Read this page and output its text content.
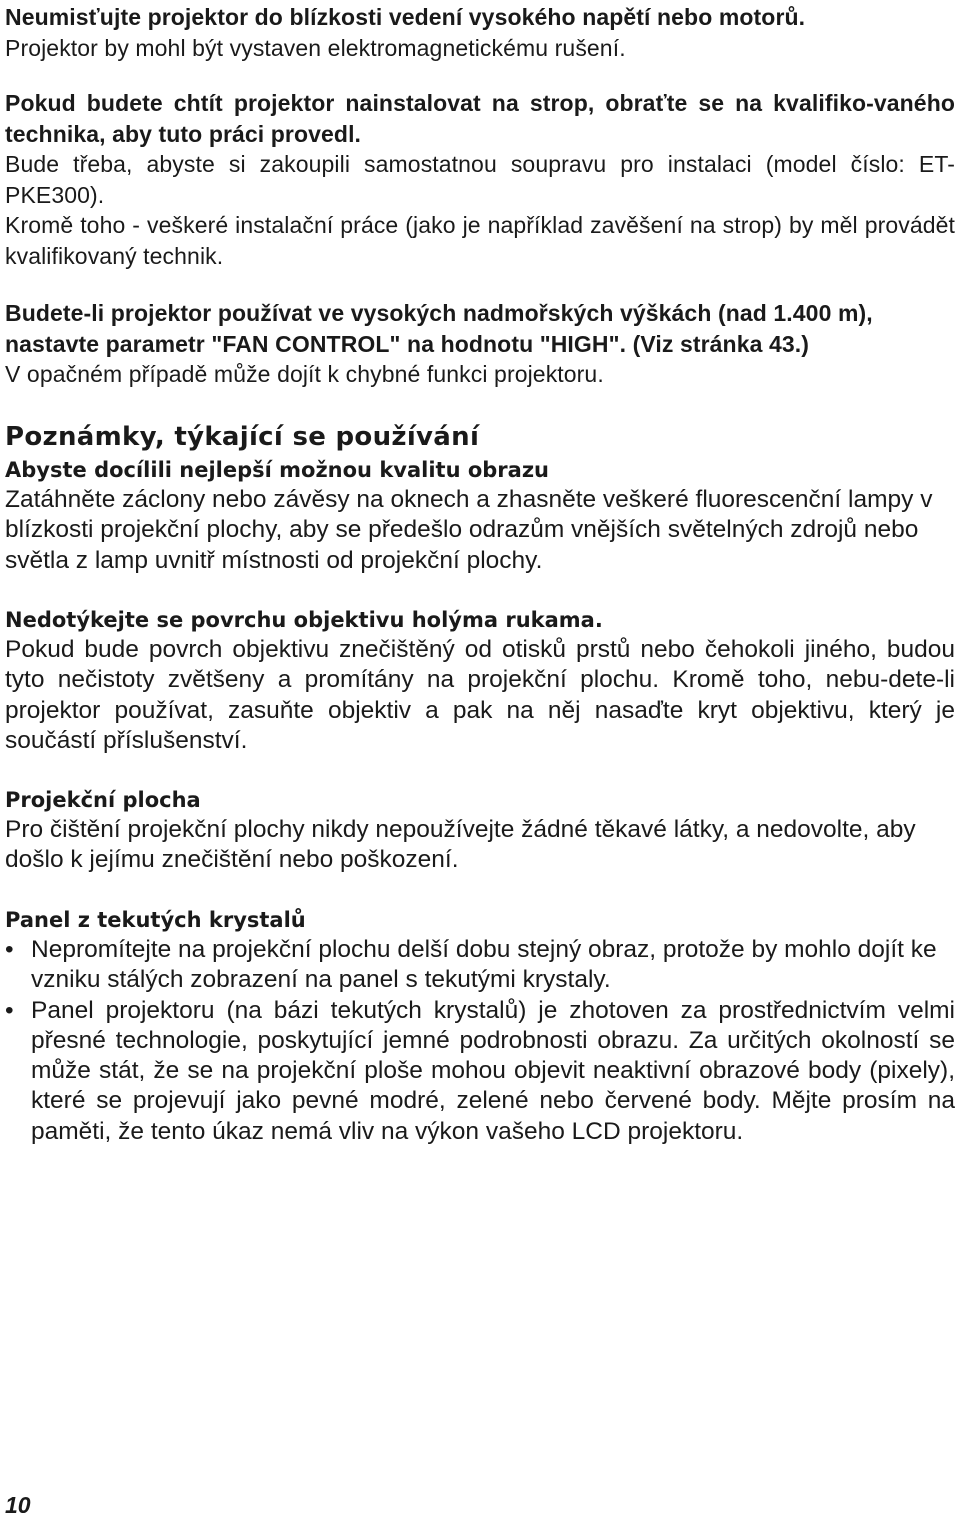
Neumisťujte projektor do blízkosti vedení vysokého napětí nebo motorů.

Projektor by mohl být vystaven elektromagnetickému rušení.

Pokud budete chtít projektor nainstalovat na strop, obraťte se na kvalifiko-vaného technika, aby tuto práci provedl.

Bude třeba, abyste si zakoupili samostatnou soupravu pro instalaci (model číslo: ET-PKE300).

Kromě toho - veškeré instalační práce (jako je například zavěšení na strop) by měl provádět kvalifikovaný technik.

Budete-li projektor používat ve vysokých nadmořských výškách (nad 1.400 m), nastavte parametr "FAN CONTROL" na hodnotu "HIGH". (Viz stránka 43.)

V opačném případě může dojít k chybné funkci projektoru.

Poznámky, týkající se používání

Abyste docílili nejlepší možnou kvalitu obrazu

Zatáhněte záclony nebo závěsy na oknech a zhasněte veškeré fluorescenční lampy v blízkosti projekční plochy, aby se předešlo odrazům vnějších světelných zdrojů nebo světla z lamp uvnitř místnosti od projekční plochy.

Nedotýkejte se povrchu objektivu holýma rukama.

Pokud bude povrch objektivu znečištěný od otisků prstů nebo čehokoli jiného, budou tyto nečistoty zvětšeny a promítány na projekční plochu. Kromě toho, nebu-dete-li projektor používat, zasuňte objektiv a pak na něj nasaďte kryt objektivu, který je součástí příslušenství.

Projekční plocha

Pro čištění projekční plochy nikdy nepoužívejte žádné těkavé látky, a nedovolte, aby došlo k jejímu znečištění nebo poškození.

Panel z tekutých krystalů

• Nepromítejte na projekční plochu delší dobu stejný obraz, protože by mohlo dojít ke vzniku stálých zobrazení na panel s tekutými krystaly.

• Panel projektoru (na bázi tekutých krystalů) je zhotoven za prostřednictvím velmi přesné technologie, poskytující jemné podrobnosti obrazu. Za určitých okolností se může stát, že se na projekční ploše mohou objevit neaktivní obrazové body (pixely), které se projevují jako pevné modré, zelené nebo červené body. Mějte prosím na paměti, že tento úkaz nemá vliv na výkon vašeho LCD projektoru.

10
